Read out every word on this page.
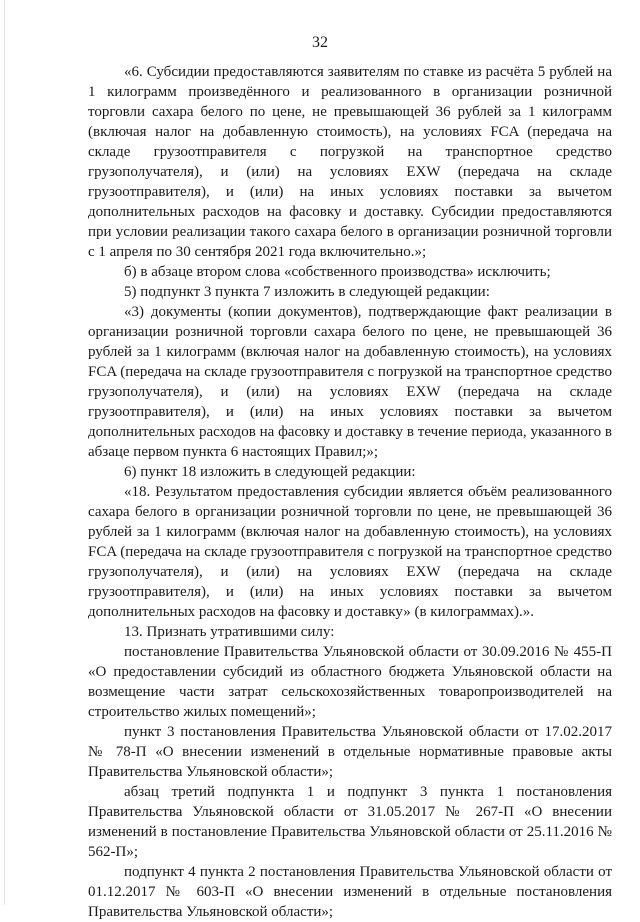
32

«6. Субсидии предоставляются заявителям по ставке из расчёта 5 рублей на 1 килограмм произведённого и реализованного в организации розничной торговли сахара белого по цене, не превышающей 36 рублей за 1 килограмм (включая налог на добавленную стоимость), на условиях FCA (передача на складе грузоотправителя с погрузкой на транспортное средство грузополучателя), и (или) на условиях EXW (передача на складе грузоотправителя), и (или) на иных условиях поставки за вычетом дополнительных расходов на фасовку и доставку. Субсидии предоставляются при условии реализации такого сахара белого в организации розничной торговли с 1 апреля по 30 сентября 2021 года включительно.»;

б) в абзаце втором слова «собственного производства» исключить;

5) подпункт 3 пункта 7 изложить в следующей редакции:

«3) документы (копии документов), подтверждающие факт реализации в организации розничной торговли сахара белого по цене, не превышающей 36 рублей за 1 килограмм (включая налог на добавленную стоимость), на условиях FCA (передача на складе грузоотправителя с погрузкой на транспортное средство грузополучателя), и (или) на условиях EXW (передача на складе грузоотправителя), и (или) на иных условиях поставки за вычетом дополнительных расходов на фасовку и доставку в течение периода, указанного в абзаце первом пункта 6 настоящих Правил;»;

6) пункт 18 изложить в следующей редакции:

«18. Результатом предоставления субсидии является объём реализованного сахара белого в организации розничной торговли по цене, не превышающей 36 рублей за 1 килограмм (включая налог на добавленную стоимость), на условиях FCA (передача на складе грузоотправителя с погрузкой на транспортное средство грузополучателя), и (или) на условиях EXW (передача на складе грузоотправителя), и (или) на иных условиях поставки за вычетом дополнительных расходов на фасовку и доставку» (в килограммах).».

13. Признать утратившими силу:

постановление Правительства Ульяновской области от 30.09.2016 № 455-П «О предоставлении субсидий из областного бюджета Ульяновской области на возмещение части затрат сельскохозяйственных товаропроизводителей на строительство жилых помещений»;

пункт 3 постановления Правительства Ульяновской области от 17.02.2017 № 78-П «О внесении изменений в отдельные нормативные правовые акты Правительства Ульяновской области»;

абзац третий подпункта 1 и подпункт 3 пункта 1 постановления Правительства Ульяновской области от 31.05.2017 № 267-П «О внесении изменений в постановление Правительства Ульяновской области от 25.11.2016 № 562-П»;

подпункт 4 пункта 2 постановления Правительства Ульяновской области от 01.12.2017 № 603-П «О внесении изменений в отдельные постановления Правительства Ульяновской области»;
